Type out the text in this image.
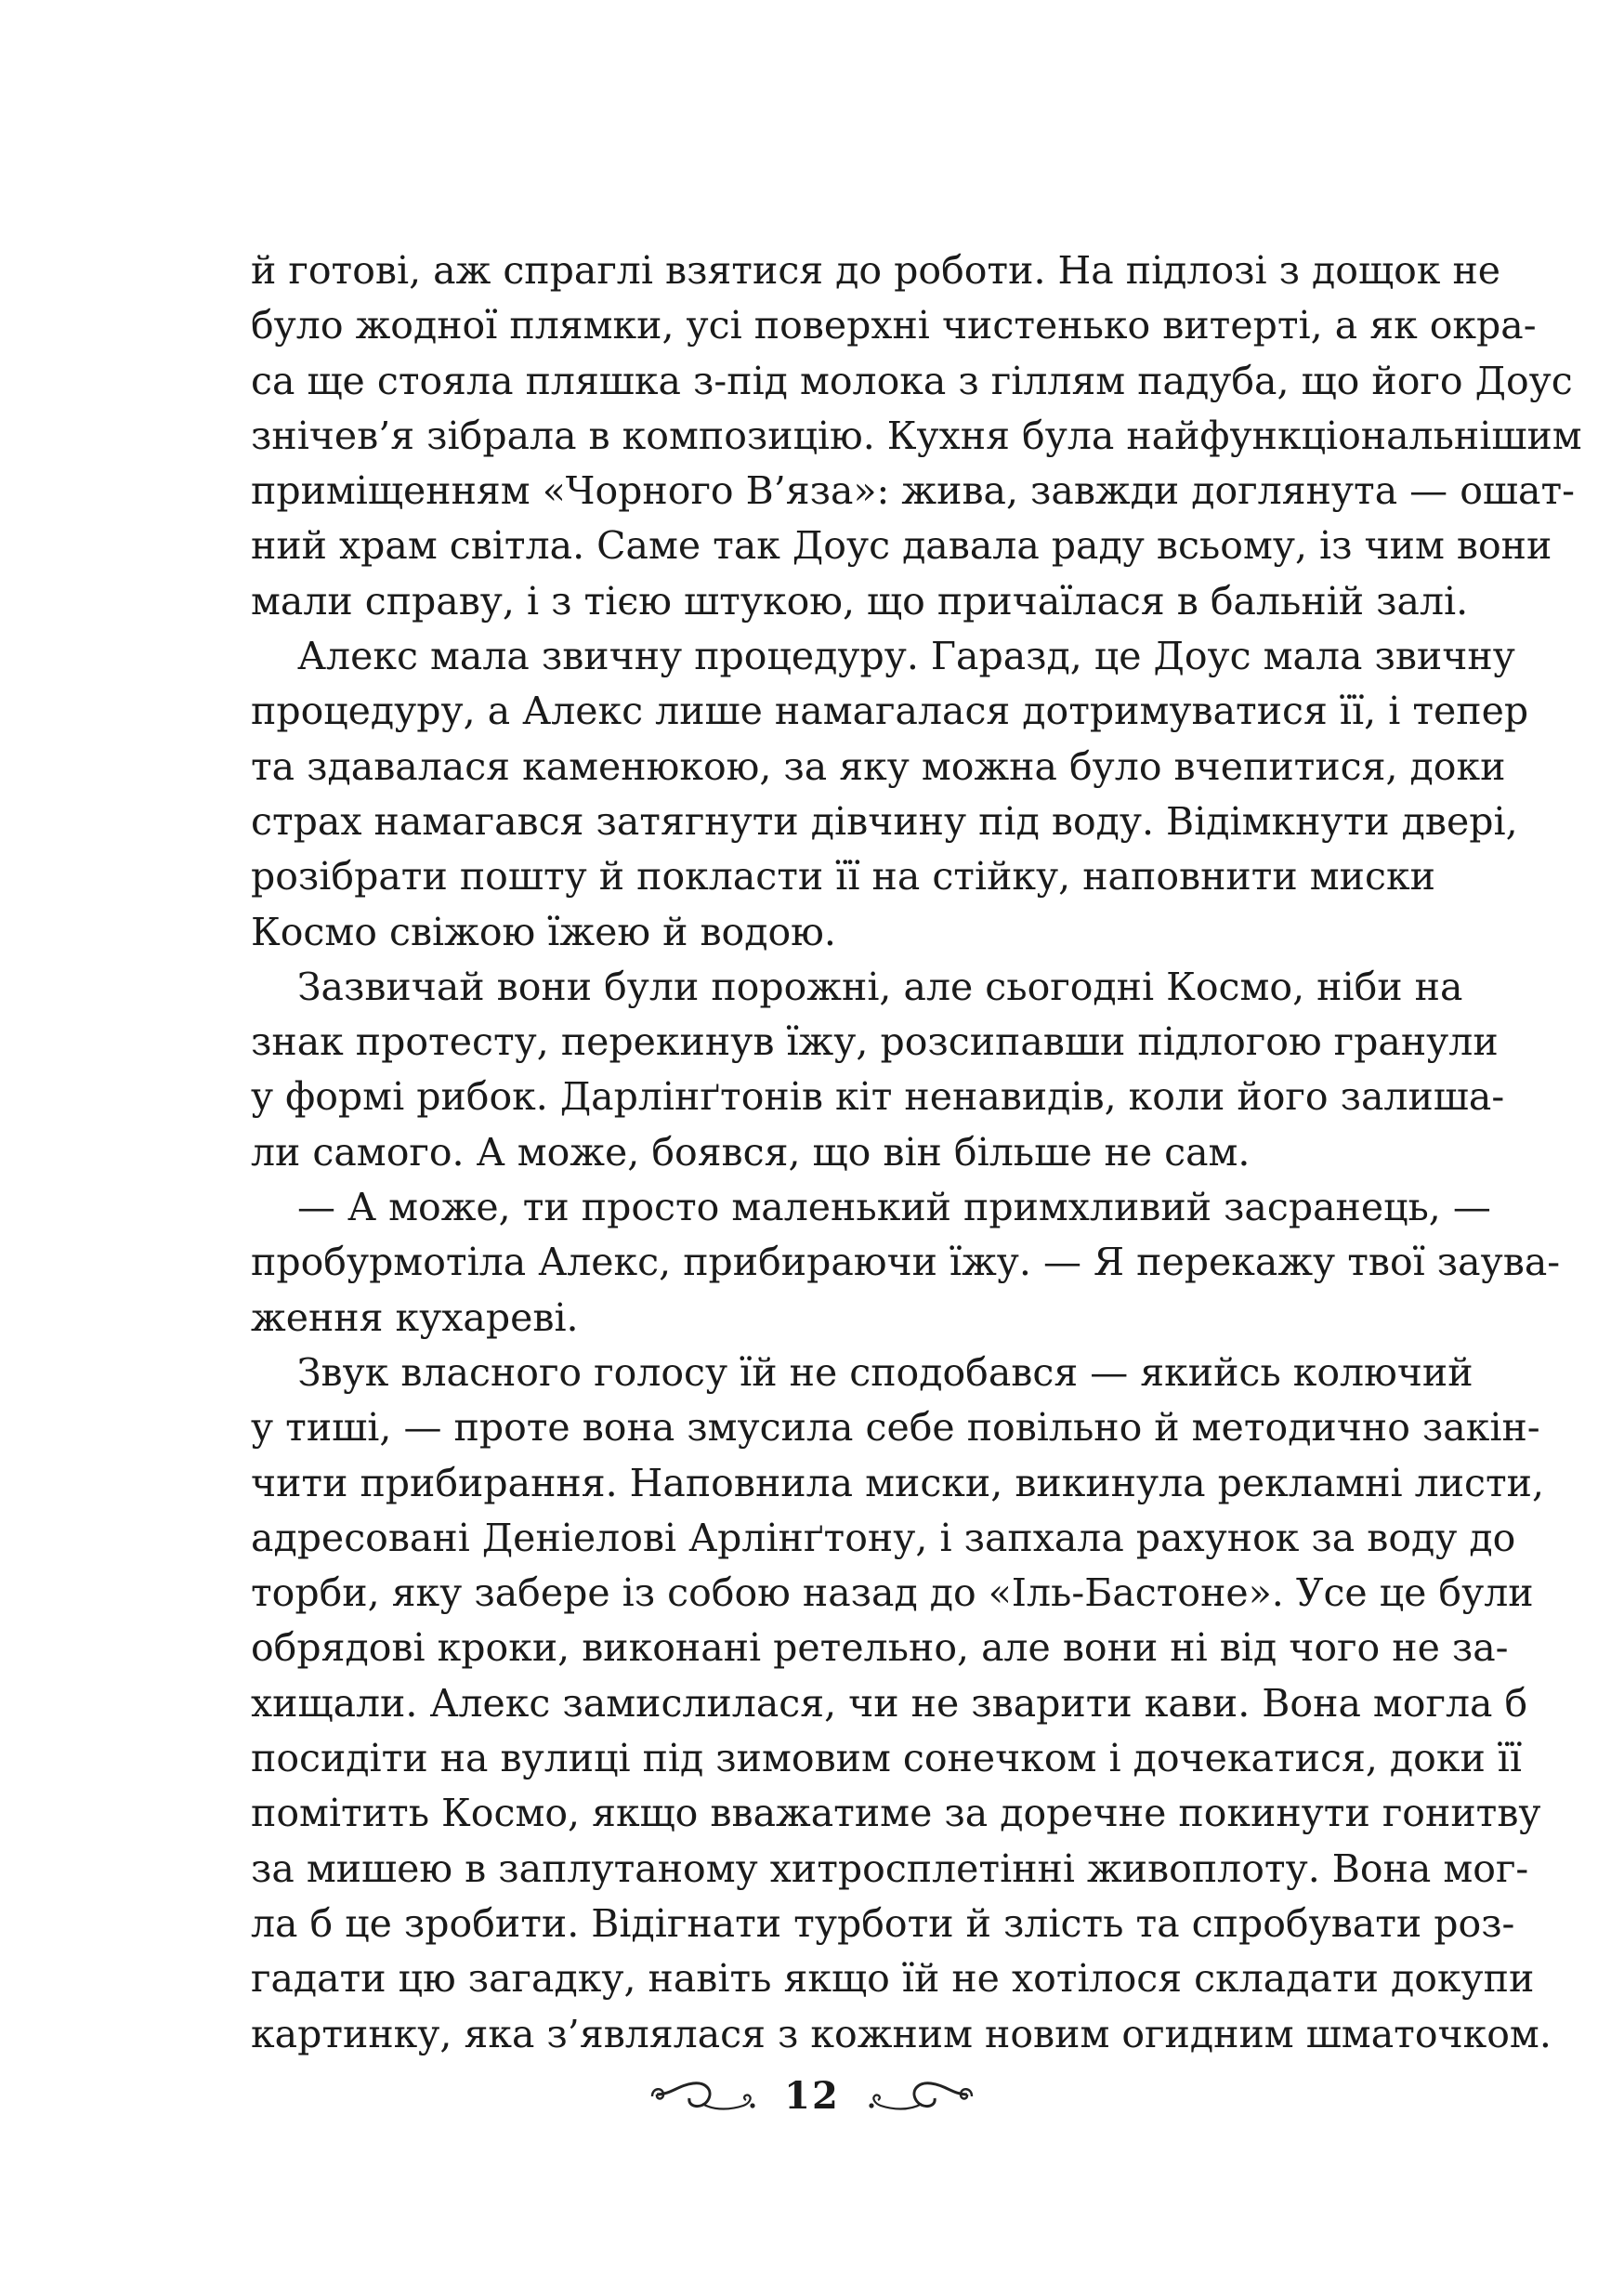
й готові, аж спраглі взятися до роботи. На підлозі з дощок не
було жодної плямки, усі поверхні чистенько витерті, а як окра-
са ще стояла пляшка з-під молока з гіллям падуба, що його Доус
знічев’я зібрала в композицію. Кухня була найфункціональнішим
приміщенням «Чорного В’яза»: жива, завжди доглянута — ошат-
ний храм світла. Саме так Доус давала раду всьому, із чим вони
мали справу, і з тією штукою, що причаїлася в бальній залі.
Алекс мала звичну процедуру. Гаразд, це Доус мала звичну
процедуру, а Алекс лише намагалася дотримуватися її, і тепер
та здавалася каменюкою, за яку можна було вчепитися, доки
страх намагався затягнути дівчину під воду. Відімкнути двері,
розібрати пошту й покласти її на стійку, наповнити миски
Космо свіжою їжею й водою.
Зазвичай вони були порожні, але сьогодні Космо, ніби на
знак протесту, перекинув їжу, розсипавши підлогою гранули
у формі рибок. Дарлінґтонів кіт ненавидів, коли його залиша-
ли самого. А може, боявся, що він більше не сам.
— А може, ти просто маленький примхливий засранець, —
пробурмотіла Алекс, прибираючи їжу. — Я перекажу твої заува-
ження кухареві.
Звук власного голосу їй не сподобався — якийсь колючий
у тиші, — проте вона змусила себе повільно й методично закін-
чити прибирання. Наповнила миски, викинула рекламні листи,
адресовані Деніелові Арлінґтону, і запхала рахунок за воду до
торби, яку забере із собою назад до «Іль-Бастоне». Усе це були
обрядові кроки, виконані ретельно, але вони ні від чого не за-
хищали. Алекс замислилася, чи не зварити кави. Вона могла б
посидіти на вулиці під зимовим сонечком і дочекатися, доки її
помітить Космо, якщо вважатиме за доречне покинути гонитву
за мишею в заплутаному хитросплетінні живоплоту. Вона мог-
ла б це зробити. Відігнати турботи й злість та спробувати роз-
гадати цю загадку, навіть якщо їй не хотілося складати докупи
картинку, яка з’являлася з кожним новим огидним шматочком.
12
